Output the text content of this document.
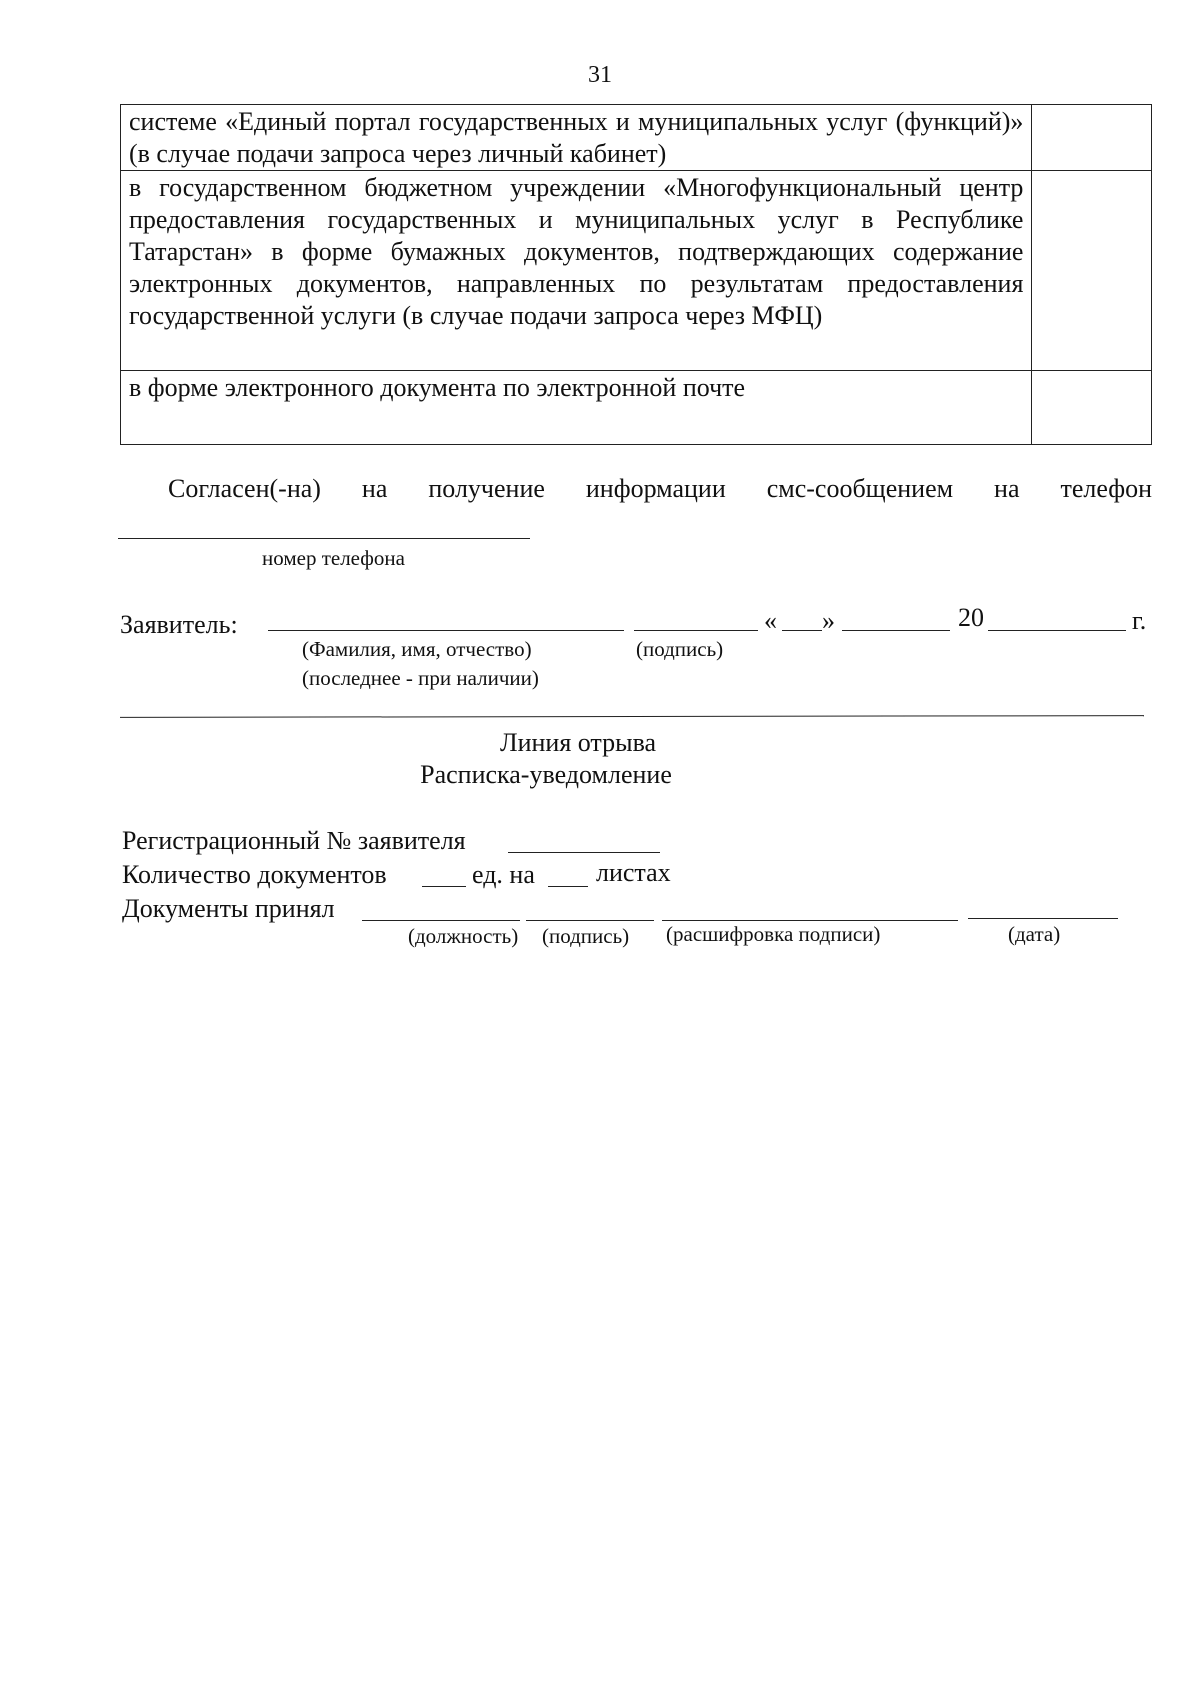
31
системе «Единый портал государственных и муниципальных услуг (функций)» (в случае подачи запроса через личный кабинет)	
в государственном бюджетном учреждении «Многофункциональный центр предоставления государственных и муниципальных услуг в Республике Татарстан» в форме бумажных документов, подтверждающих содержание электронных документов, направленных по результатам предоставления государственной услуги (в случае подачи запроса через МФЦ)	
в форме электронного документа по электронной почте	
Согласен(-на) на получение информации смс-сообщением на телефон
номер телефона
Заявитель:	« »	20	г.
(Фамилия, имя, отчество)	(подпись)
(последнее - при наличии)
Линия отрыва
Расписка-уведомление
Регистрационный № заявителя
Количество документов	ед. на листах
Документы принял
(должность) (подпись) (расшифровка подписи)	(дата)
